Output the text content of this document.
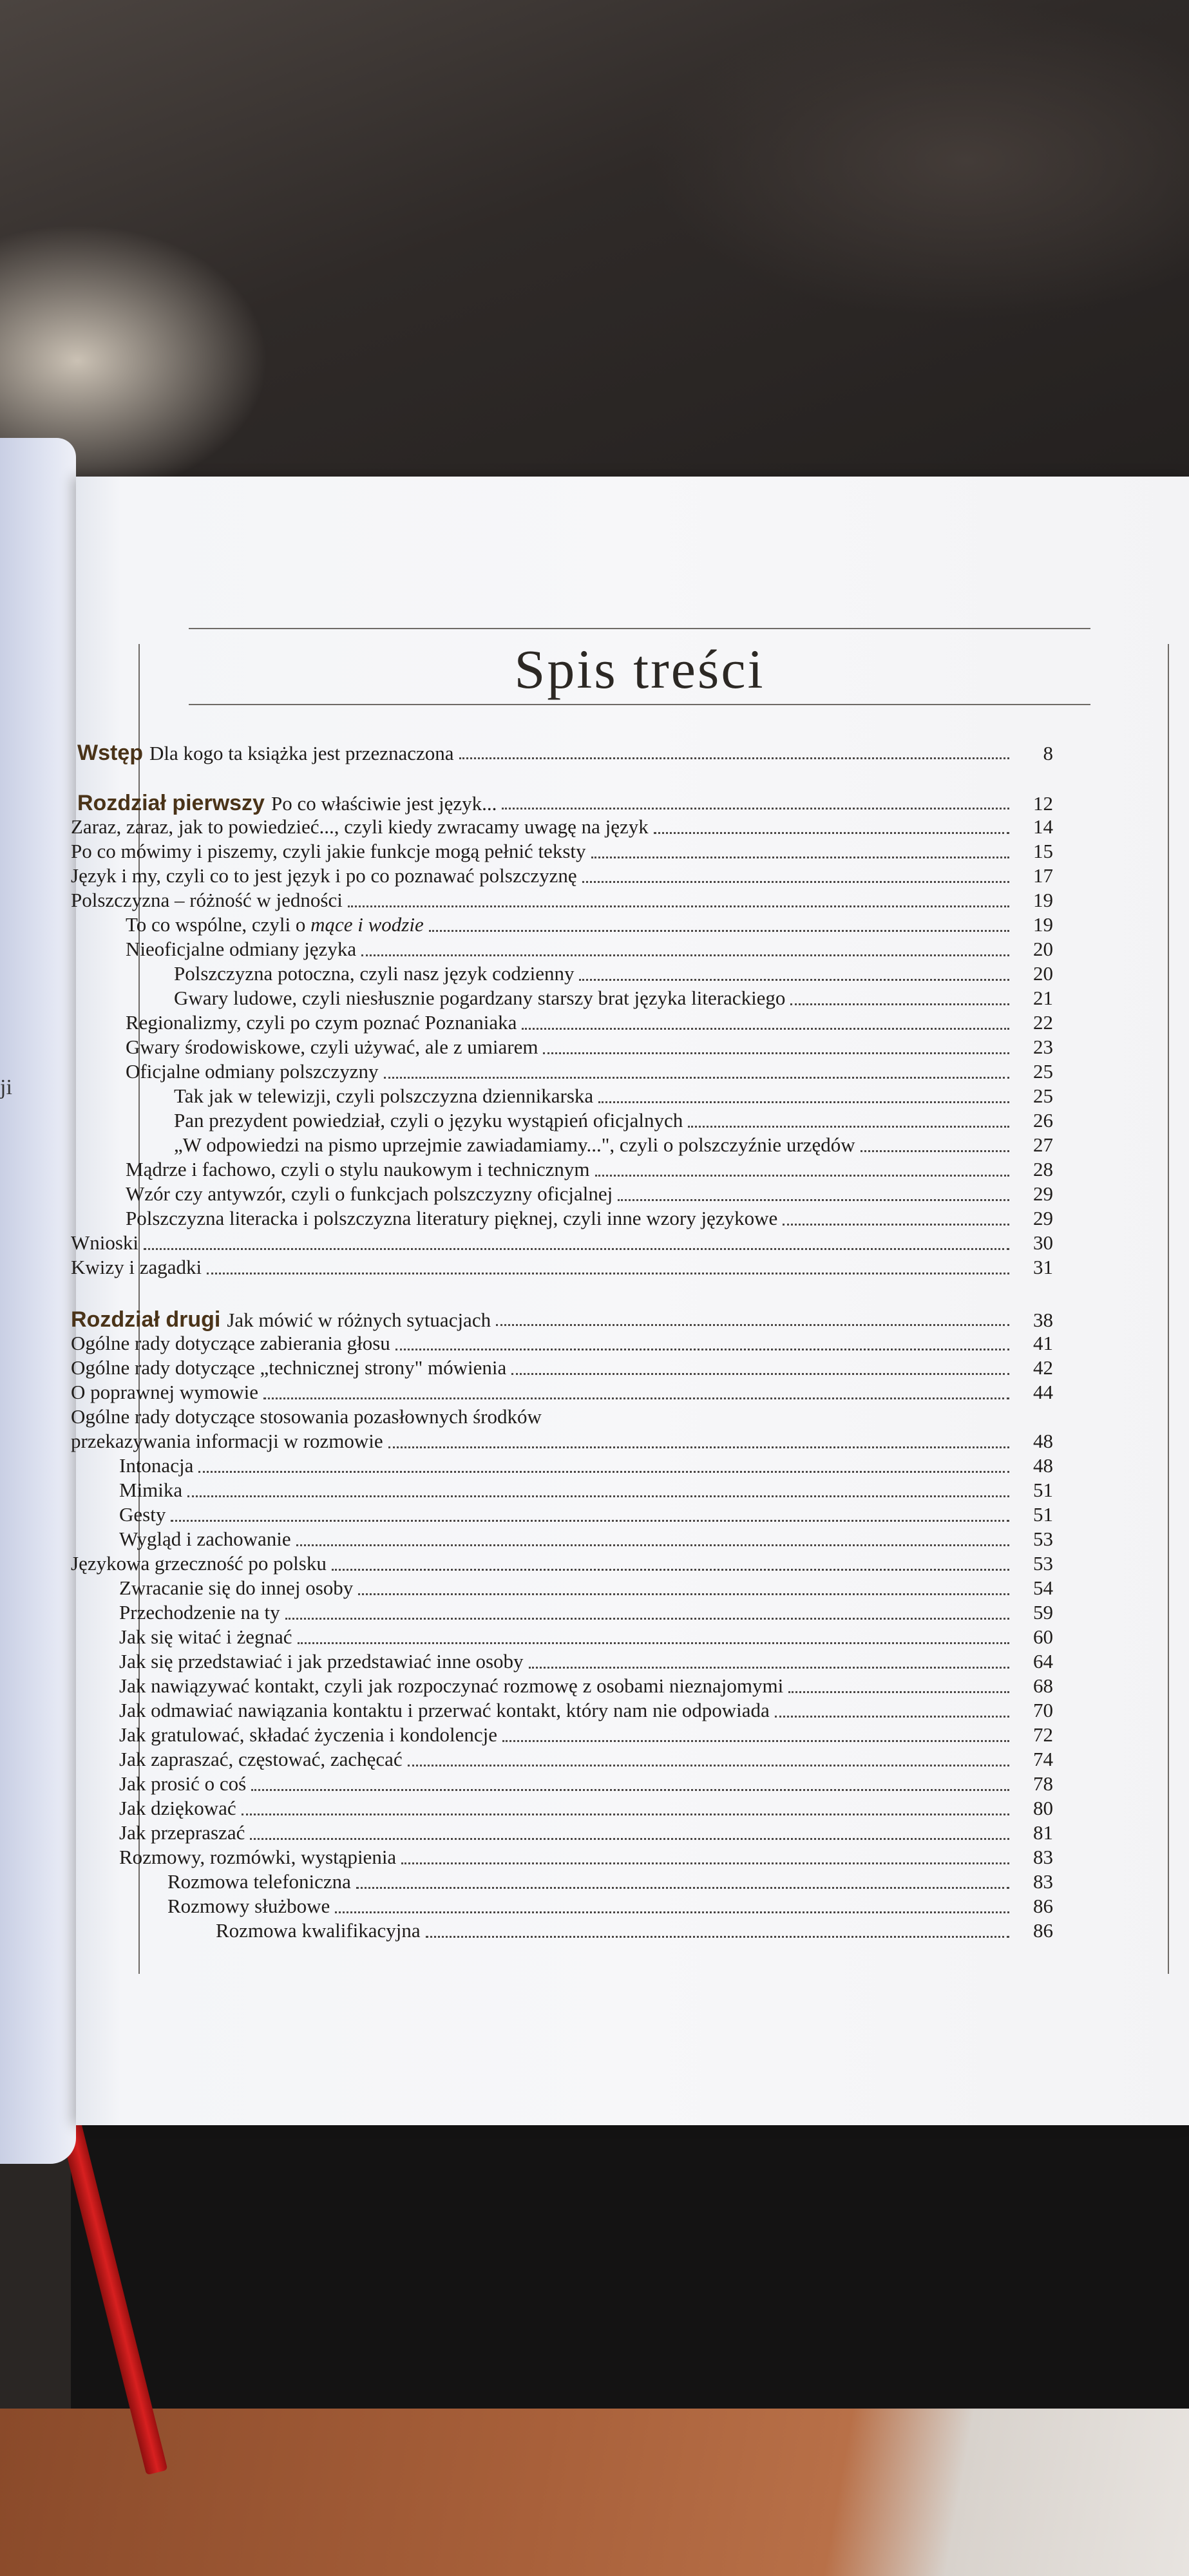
ji
Spis treści
Wstęp Dla kogo ta książka jest przeznaczona	8
Rozdział pierwszy Po co właściwie jest język...	12
Zaraz, zaraz, jak to powiedzieć..., czyli kiedy zwracamy uwagę na język	14
Po co mówimy i piszemy, czyli jakie funkcje mogą pełnić teksty	15
Język i my, czyli co to jest język i po co poznawać polszczyznę	17
Polszczyzna – różność w jedności	19
To co wspólne, czyli o mące i wodzie	19
Nieoficjalne odmiany języka	20
Polszczyzna potoczna, czyli nasz język codzienny	20
Gwary ludowe, czyli niesłusznie pogardzany starszy brat języka literackiego	21
Regionalizmy, czyli po czym poznać Poznaniaka	22
Gwary środowiskowe, czyli używać, ale z umiarem	23
Oficjalne odmiany polszczyzny	25
Tak jak w telewizji, czyli polszczyzna dziennikarska	25
Pan prezydent powiedział, czyli o języku wystąpień oficjalnych	26
„W odpowiedzi na pismo uprzejmie zawiadamiamy...", czyli o polszczyźnie urzędów	27
Mądrze i fachowo, czyli o stylu naukowym i technicznym	28
Wzór czy antywzór, czyli o funkcjach polszczyzny oficjalnej	29
Polszczyzna literacka i polszczyzna literatury pięknej, czyli inne wzory językowe	29
Wnioski	30
Kwizy i zagadki	31
Rozdział drugi Jak mówić w różnych sytuacjach	38
Ogólne rady dotyczące zabierania głosu	41
Ogólne rady dotyczące „technicznej strony" mówienia	42
O poprawnej wymowie	44
Ogólne rady dotyczące stosowania pozasłownych środków
przekazywania informacji w rozmowie	48
Intonacja	48
Mimika	51
Gesty	51
Wygląd i zachowanie	53
Językowa grzeczność po polsku	53
Zwracanie się do innej osoby	54
Przechodzenie na ty	59
Jak się witać i żegnać	60
Jak się przedstawiać i jak przedstawiać inne osoby	64
Jak nawiązywać kontakt, czyli jak rozpoczynać rozmowę z osobami nieznajomymi	68
Jak odmawiać nawiązania kontaktu i przerwać kontakt, który nam nie odpowiada	70
Jak gratulować, składać życzenia i kondolencje	72
Jak zapraszać, częstować, zachęcać	74
Jak prosić o coś	78
Jak dziękować	80
Jak przepraszać	81
Rozmowy, rozmówki, wystąpienia	83
Rozmowa telefoniczna	83
Rozmowy służbowe	86
Rozmowa kwalifikacyjna	86
